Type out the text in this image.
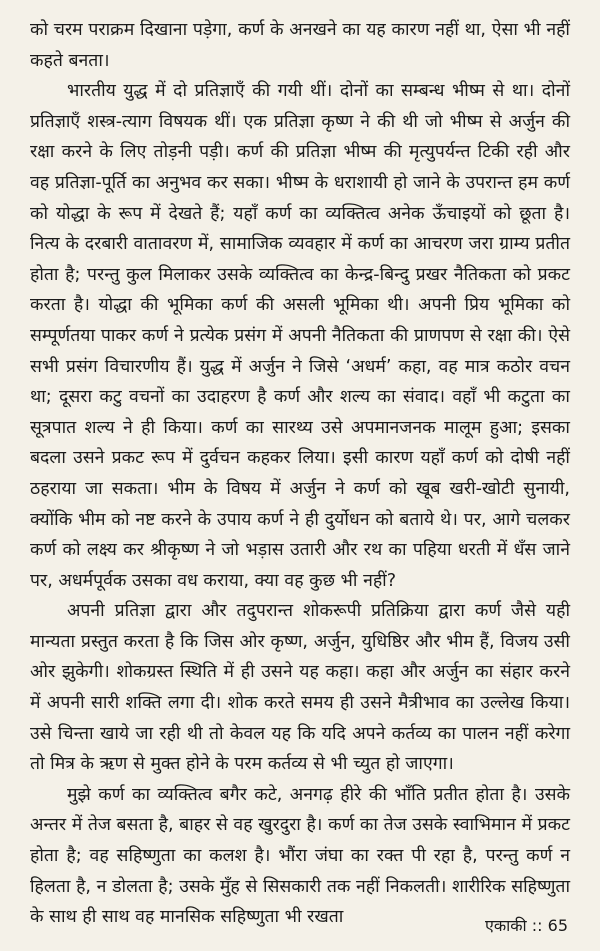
को चरम पराक्रम दिखाना पड़ेगा, कर्ण के अनखने का यह कारण नहीं था, ऐसा भी नहीं कहते बनता।

भारतीय युद्ध में दो प्रतिज्ञाएँ की गयी थीं। दोनों का सम्बन्ध भीष्म से था। दोनों प्रतिज्ञाएँ शस्त्र-त्याग विषयक थीं। एक प्रतिज्ञा कृष्ण ने की थी जो भीष्म से अर्जुन की रक्षा करने के लिए तोड़नी पड़ी। कर्ण की प्रतिज्ञा भीष्म की मृत्युपर्यन्त टिकी रही और वह प्रतिज्ञा-पूर्ति का अनुभव कर सका। भीष्म के धराशायी हो जाने के उपरान्त हम कर्ण को योद्धा के रूप में देखते हैं; यहाँ कर्ण का व्यक्तित्व अनेक ऊँचाइयों को छूता है। नित्य के दरबारी वातावरण में, सामाजिक व्यवहार में कर्ण का आचरण जरा ग्राम्य प्रतीत होता है; परन्तु कुल मिलाकर उसके व्यक्तित्व का केन्द्र-बिन्दु प्रखर नैतिकता को प्रकट करता है। योद्धा की भूमिका कर्ण की असली भूमिका थी। अपनी प्रिय भूमिका को सम्पूर्णतया पाकर कर्ण ने प्रत्येक प्रसंग में अपनी नैतिकता की प्राणपण से रक्षा की। ऐसे सभी प्रसंग विचारणीय हैं। युद्ध में अर्जुन ने जिसे ‘अधर्म’ कहा, वह मात्र कठोर वचन था; दूसरा कटु वचनों का उदाहरण है कर्ण और शल्य का संवाद। वहाँ भी कटुता का सूत्रपात शल्य ने ही किया। कर्ण का सारथ्य उसे अपमानजनक मालूम हुआ; इसका बदला उसने प्रकट रूप में दुर्वचन कहकर लिया। इसी कारण यहाँ कर्ण को दोषी नहीं ठहराया जा सकता। भीम के विषय में अर्जुन ने कर्ण को खूब खरी-खोटी सुनायी, क्योंकि भीम को नष्ट करने के उपाय कर्ण ने ही दुर्योधन को बताये थे। पर, आगे चलकर कर्ण को लक्ष्य कर श्रीकृष्ण ने जो भड़ास उतारी और रथ का पहिया धरती में धँस जाने पर, अधर्मपूर्वक उसका वध कराया, क्या वह कुछ भी नहीं?

अपनी प्रतिज्ञा द्वारा और तदुपरान्त शोकरूपी प्रतिक्रिया द्वारा कर्ण जैसे यही मान्यता प्रस्तुत करता है कि जिस ओर कृष्ण, अर्जुन, युधिष्ठिर और भीम हैं, विजय उसी ओर झुकेगी। शोकग्रस्त स्थिति में ही उसने यह कहा। कहा और अर्जुन का संहार करने में अपनी सारी शक्ति लगा दी। शोक करते समय ही उसने मैत्रीभाव का उल्लेख किया। उसे चिन्ता खाये जा रही थी तो केवल यह कि यदि अपने कर्तव्य का पालन नहीं करेगा तो मित्र के ऋण से मुक्त होने के परम कर्तव्य से भी च्युत हो जाएगा।

मुझे कर्ण का व्यक्तित्व बगैर कटे, अनगढ़ हीरे की भाँति प्रतीत होता है। उसके अन्तर में तेज बसता है, बाहर से वह खुरदुरा है। कर्ण का तेज उसके स्वाभिमान में प्रकट होता है; वह सहिष्णुता का कलश है। भौंरा जंघा का रक्त पी रहा है, परन्तु कर्ण न हिलता है, न डोलता है; उसके मुँह से सिसकारी तक नहीं निकलती। शारीरिक सहिष्णुता के साथ ही साथ वह मानसिक सहिष्णुता भी रखता	एकाकी :: 65
